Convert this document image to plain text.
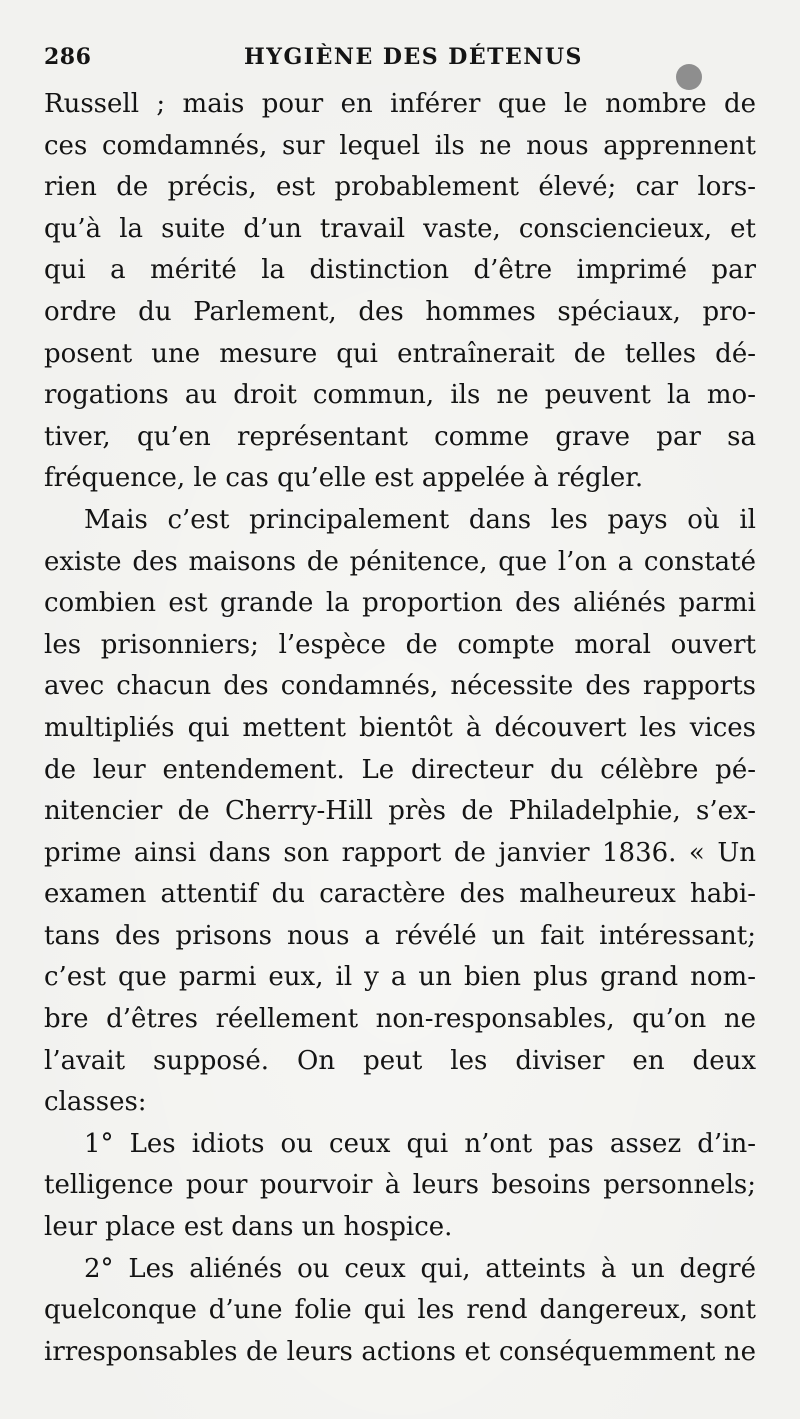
286	HYGIÈNE DES DÉTENUS
Russell ; mais pour en inférer que le nombre de
ces comdamnés, sur lequel ils ne nous apprennent
rien de précis, est probablement élevé; car lors-
qu’à la suite d’un travail vaste, consciencieux, et
qui a mérité la distinction d’être imprimé par
ordre du Parlement, des hommes spéciaux, pro-
posent une mesure qui entraînerait de telles dé-
rogations au droit commun, ils ne peuvent la mo-
tiver, qu’en représentant comme grave par sa
fréquence, le cas qu’elle est appelée à régler.
Mais c’est principalement dans les pays où il
existe des maisons de pénitence, que l’on a constaté
combien est grande la proportion des aliénés parmi
les prisonniers; l’espèce de compte moral ouvert
avec chacun des condamnés, nécessite des rapports
multipliés qui mettent bientôt à découvert les vices
de leur entendement. Le directeur du célèbre pé-
nitencier de Cherry-Hill près de Philadelphie, s’ex-
prime ainsi dans son rapport de janvier 1836. « Un
examen attentif du caractère des malheureux habi-
tans des prisons nous a révélé un fait intéressant;
c’est que parmi eux, il y a un bien plus grand nom-
bre d’êtres réellement non-responsables, qu’on ne
l’avait supposé. On peut les diviser en deux
classes:
1° Les idiots ou ceux qui n’ont pas assez d’in-
telligence pour pourvoir à leurs besoins personnels;
leur place est dans un hospice.
2° Les aliénés ou ceux qui, atteints à un degré
quelconque d’une folie qui les rend dangereux, sont
irresponsables de leurs actions et conséquemment ne
